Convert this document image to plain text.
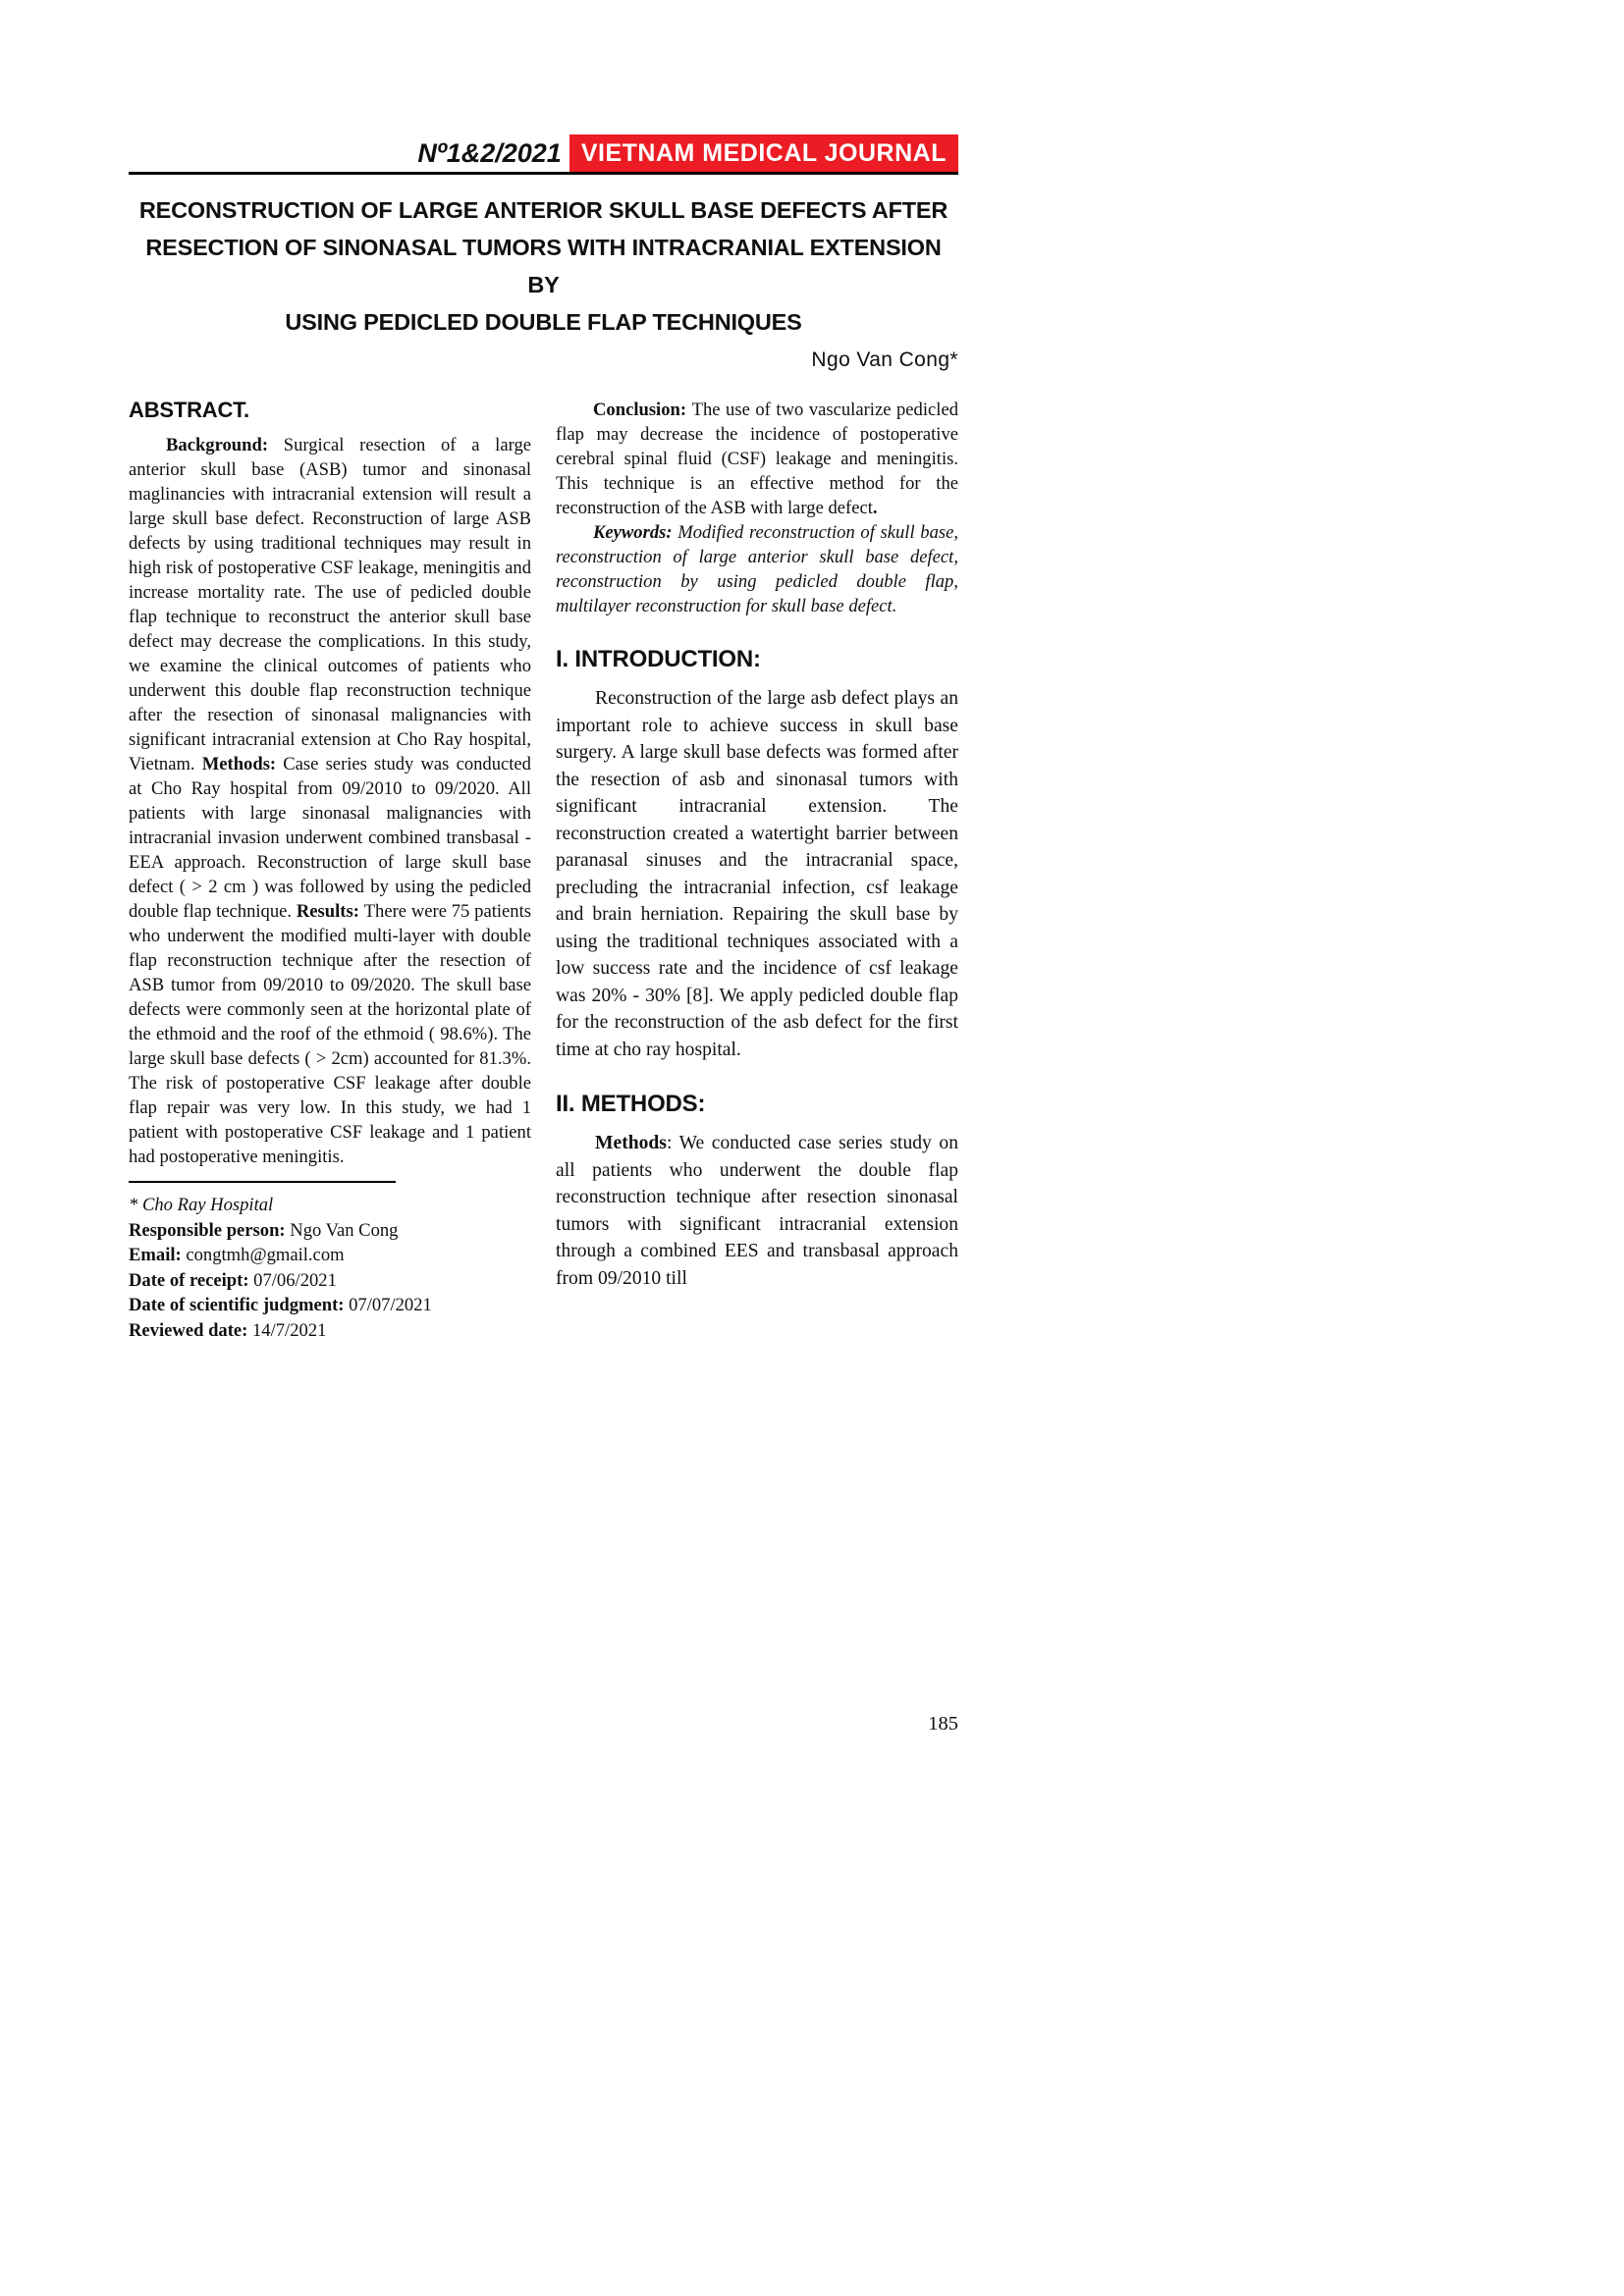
Nº1&2/2021 VIETNAM MEDICAL JOURNAL
RECONSTRUCTION OF LARGE ANTERIOR SKULL BASE DEFECTS AFTER
RESECTION OF SINONASAL TUMORS WITH INTRACRANIAL EXTENSION BY
USING PEDICLED DOUBLE FLAP TECHNIQUES
Ngo Van Cong*
ABSTRACT.

Background: Surgical resection of a large anterior skull base (ASB) tumor and sinonasal maglinancies with intracranial extension will result a large skull base defect. Reconstruction of large ASB defects by using traditional techniques may result in high risk of postoperative CSF leakage, meningitis and increase mortality rate. The use of pedicled double flap technique to reconstruct the anterior skull base defect may decrease the complications. In this study, we examine the clinical outcomes of patients who underwent this double flap reconstruction technique after the resection of sinonasal malignancies with significant intracranial extension at Cho Ray hospital, Vietnam. Methods: Case series study was conducted at Cho Ray hospital from 09/2010 to 09/2020. All patients with large sinonasal malignancies with intracranial invasion underwent combined transbasal - EEA approach. Reconstruction of large skull base defect ( > 2 cm ) was followed by using the pedicled double flap technique. Results: There were 75 patients who underwent the modified multi-layer with double flap reconstruction technique after the resection of ASB tumor from 09/2010 to 09/2020. The skull base defects were commonly seen at the horizontal plate of the ethmoid and the roof of the ethmoid ( 98.6%). The large skull base defects ( > 2cm) accounted for 81.3%. The risk of postoperative CSF leakage after double flap repair was very low. In this study, we had 1 patient with postoperative CSF leakage and 1 patient had postoperative meningitis.

* Cho Ray Hospital

Responsible person: Ngo Van Cong

Email: congtmh@gmail.com

Date of receipt: 07/06/2021

Date of scientific judgment: 07/07/2021

Reviewed date: 14/7/2021

Conclusion: The use of two vascularize pedicled flap may decrease the incidence of postoperative cerebral spinal fluid (CSF) leakage and meningitis. This technique is an effective method for the reconstruction of the ASB with large defect.

Keywords: Modified reconstruction of skull base, reconstruction of large anterior skull base defect, reconstruction by using pedicled double flap, multilayer reconstruction for skull base defect.

I. INTRODUCTION:

Reconstruction of the large asb defect plays an important role to achieve success in skull base surgery. A large skull base defects was formed after the resection of asb and sinonasal tumors with significant intracranial extension. The reconstruction created a watertight barrier between paranasal sinuses and the intracranial space, precluding the intracranial infection, csf leakage and brain herniation. Repairing the skull base by using the traditional techniques associated with a low success rate and the incidence of csf leakage was 20% - 30% [8]. We apply pedicled double flap for the reconstruction of the asb defect for the first time at cho ray hospital.

II. METHODS:

Methods: We conducted case series study on all patients who underwent the double flap reconstruction technique after resection sinonasal tumors with significant intracranial extension through a combined EES and transbasal approach from 09/2010 till

185
